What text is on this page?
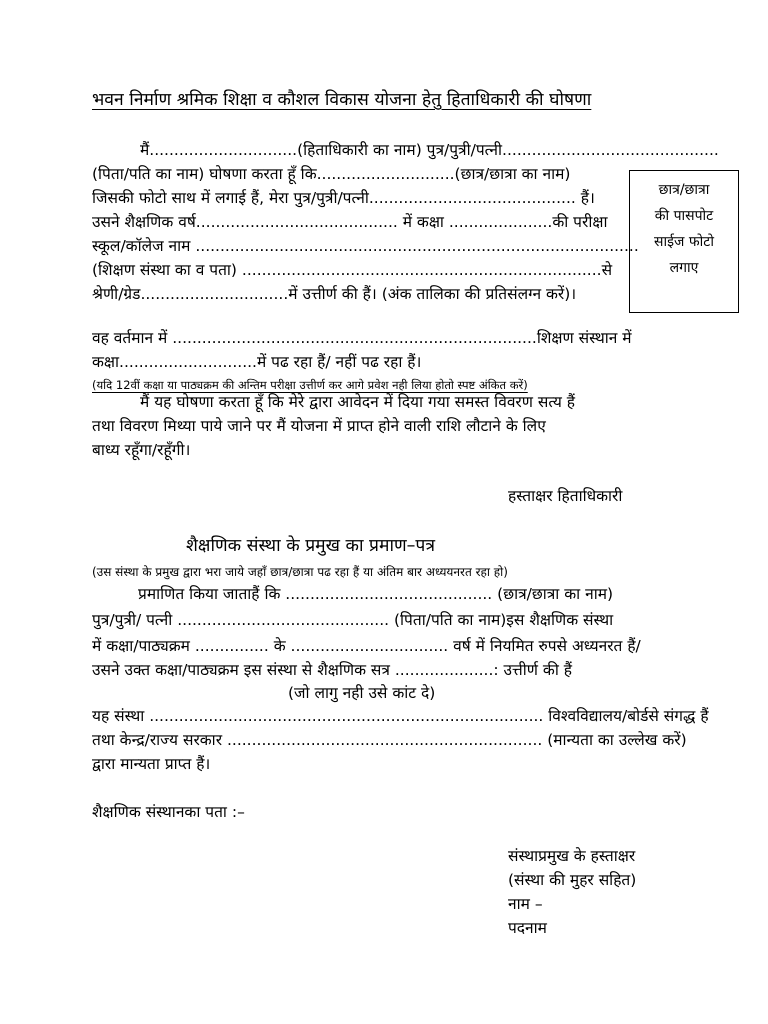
भवन निर्माण श्रमिक शिक्षा व कौशल विकास योजना हेतु हिताधिकारी की घोषणा
मैं..............................(हिताधिकारी का नाम) पुत्र/पुत्री/पत्नी............................................
(पिता/पति का नाम) घोषणा करता हूँ कि............................(छात्र/छात्रा का नाम)
जिसकी फोटो साथ में लगाई हैं, मेरा पुत्र/पुत्री/पत्नी.......................................... हैं।
उसने शैक्षणिक वर्ष......................................... में कक्षा .....................की परीक्षा
स्कूल/कॉलेज नाम ..........................................................................................
(शिक्षण संस्था का व पता) .........................................................................से
श्रेणी/ग्रेड..............................में उत्तीर्ण की हैं। (अंक तालिका की प्रतिसंलग्न करें)।
छात्र/छात्रा
की पासपोट
साईज फोटो
लगाए
वह वर्तमान में ..........................................................................शिक्षण संस्थान में
कक्षा............................में पढ रहा हैं/ नहीं पढ रहा हैं।
(यदि 12वीं कक्षा या पाठ्यक्रम की अन्तिम परीक्षा उत्तीर्ण कर आगे प्रवेश नही लिया होतो स्पष्ट अंकित करें)
मैं यह घोषणा करता हूँ कि मेरे द्वारा आवेदन में दिया गया समस्त विवरण सत्य हैं
तथा विवरण मिथ्या पाये जाने पर मैं योजना में प्राप्त होने वाली राशि लौटाने के लिए
बाध्य रहूँगा/रहूँगी।
हस्ताक्षर हिताधिकारी
शैक्षणिक संस्था के प्रमुख का प्रमाण–पत्र
(उस संस्था के प्रमुख द्वारा भरा जाये जहाँ छात्र/छात्रा पढ रहा हैं या अंतिम बार अध्ययनरत रहा हो)
प्रमाणित किया जाताहैं कि .......................................... (छात्र/छात्रा का नाम)
पुत्र/पुत्री/ पत्नी ........................................... (पिता/पति का नाम)इस शैक्षणिक संस्था
में कक्षा/पाठ्यक्रम ............... के ................................ वर्ष में नियमित रुपसे अध्यनरत हैं/
उसने उक्त कक्षा/पाठ्यक्रम इस संस्था से शैक्षणिक सत्र ....................: उत्तीर्ण की हैं
(जो लागु नही उसे कांट दे)
यह संस्था ................................................................................ विश्वविद्यालय/बोर्डसे संगद्ध हैं
तथा केन्द्र/राज्य सरकार ................................................................ (मान्यता का उल्लेख करें)
द्वारा मान्यता प्राप्त हैं।
शैक्षणिक संस्थानका पता :–
संस्थाप्रमुख के हस्ताक्षर
(संस्था की मुहर सहित)
नाम –
पदनाम
